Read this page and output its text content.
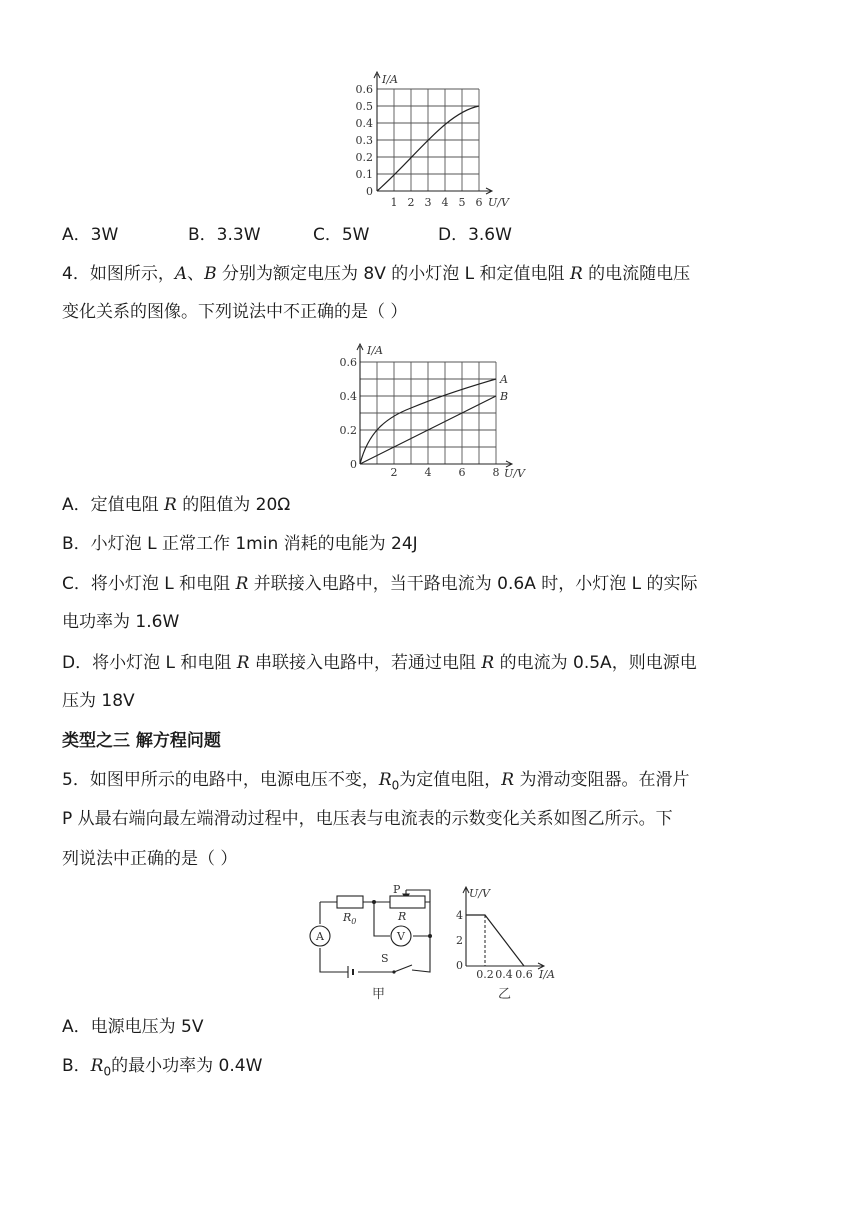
I/A
U/V
0.6
0.5
0.4
0.3
0.2
0.1
0
1 2 3 4 5 6
A．3W	B．3.3W	C．5W	D．3.6W
4．如图所示，A、B 分别为额定电压为 8V 的小灯泡 L 和定值电阻 R 的电流随电压
变化关系的图像。下列说法中不正确的是（ ）
A
B
I/A
U/V
0.6
0.4
0.2
0
2 4 6 8
A．定值电阻 R 的阻值为 20Ω
B．小灯泡 L 正常工作 1min 消耗的电能为 24J
C．将小灯泡 L 和电阻 R 并联接入电路中，当干路电流为 0.6A 时，小灯泡 L 的实际
电功率为 1.6W
D．将小灯泡 L 和电阻 R 串联接入电路中，若通过电阻 R 的电流为 0.5A，则电源电
压为 18V
类型之三 解方程问题
5．如图甲所示的电路中，电源电压不变，$R_0$为定值电阻，R 为滑动变阻器。在滑片
P 从最右端向最左端滑动过程中，电压表与电流表的示数变化关系如图乙所示。下
列说法中正确的是（ ）
$R_0$	R
P
A	V
S
甲
U/V
I/A
4
2
0
0.2 0.4 0.6
乙
A．电源电压为 5V
B．$R_0$的最小功率为 0.4W
